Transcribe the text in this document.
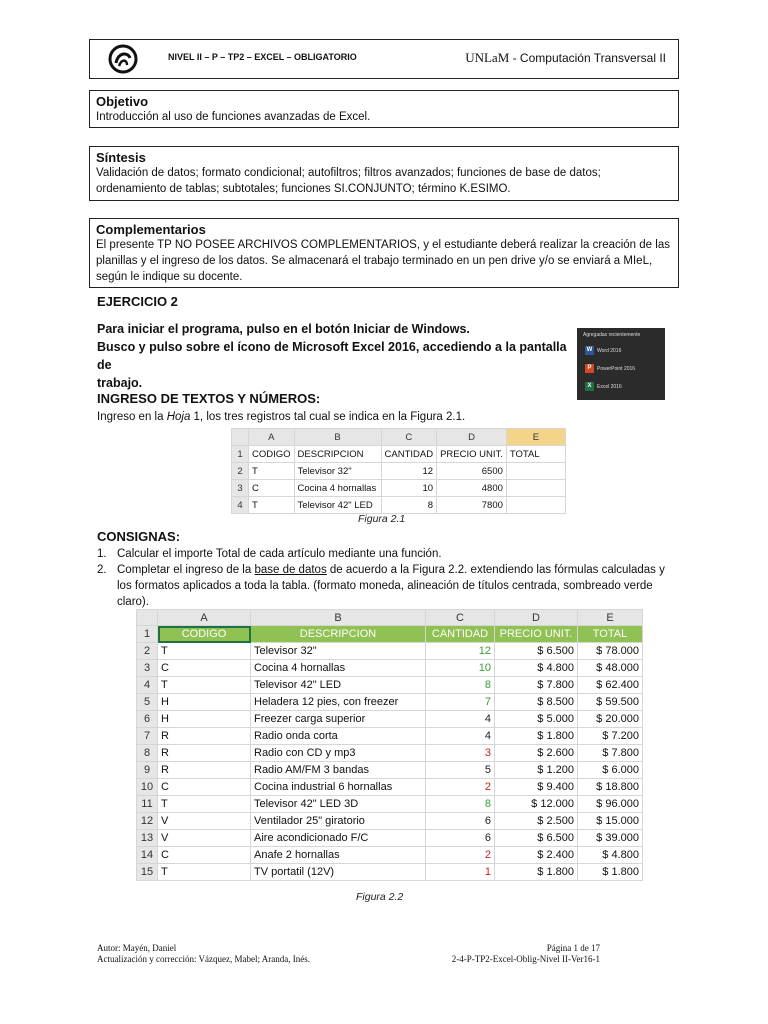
NIVEL II – P – TP2 – EXCEL – OBLIGATORIO	UNLaM - Computación Transversal II
Objetivo

Introducción al uso de funciones avanzadas de Excel.

Síntesis

Validación de datos; formato condicional; autofiltros; filtros avanzados; funciones de base de datos;

ordenamiento de tablas; subtotales; funciones SI.CONJUNTO; término K.ESIMO.

Complementarios

El presente TP NO POSEE ARCHIVOS COMPLEMENTARIOS, y el estudiante deberá realizar la creación de las

planillas y el ingreso de los datos. Se almacenará el trabajo terminado en un pen drive y/o se enviará a MIeL,

según le indique su docente.

EJERCICIO 2

Para iniciar el programa, pulso en el botón Iniciar de Windows.

Busco y pulso sobre el ícono de Microsoft Excel 2016, accediendo a la pantalla de

trabajo.

Agregadas recientemente
W Word 2016
P	PowerPoint 2016
X	Excel 2016
INGRESO DE TEXTOS Y NÚMEROS:
Ingreso en la Hoja 1, los tres registros tal cual se indica en la Figura 2.1.
	A	B	C	D	E
1	CODIGO	DESCRIPCION	CANTIDAD	PRECIO UNIT.	TOTAL
2	T	Televisor 32"	12	6500	
3	C	Cocina 4 hornallas	10	4800	
4	T	Televisor 42" LED	8	7800	
Figura 2.1
CONSIGNAS:
1. Calcular el importe Total de cada artículo mediante una función.
2. Completar el ingreso de la base de datos de acuerdo a la Figura 2.2. extendiendo las fórmulas calculadas y los formatos aplicados a toda la tabla. (formato moneda, alineación de títulos centrada, sombreado verde claro).
	A	B	C	D	E
1	CODIGO	DESCRIPCION	CANTIDAD	PRECIO UNIT.	TOTAL
2	T	Televisor 32"	12	$ 6.500	$ 78.000
3	C	Cocina 4 hornallas	10	$ 4.800	$ 48.000
4	T	Televisor 42" LED	8	$ 7.800	$ 62.400
5	H	Heladera 12 pies, con freezer	7	$ 8.500	$ 59.500
6	H	Freezer carga superior	4	$ 5.000	$ 20.000
7	R	Radio onda corta	4	$ 1.800	$ 7.200
8	R	Radio con CD y mp3	3	$ 2.600	$ 7.800
9	R	Radio AM/FM 3 bandas	5	$ 1.200	$ 6.000
10	C	Cocina industrial 6 hornallas	2	$ 9.400	$ 18.800
11	T	Televisor 42" LED 3D	8	$ 12.000	$ 96.000
12	V	Ventilador 25" giratorio	6	$ 2.500	$ 15.000
13	V	Aire acondicionado F/C	6	$ 6.500	$ 39.000
14	C	Anafe 2 hornallas	2	$ 2.400	$ 4.800
15	T	TV portatil (12V)	1	$ 1.800	$ 1.800
Figura 2.2
Autor: Mayén, Daniel
Actualización y corrección: Vázquez, Mabel; Aranda, Inés.
Página 1 de 17
2-4-P-TP2-Excel-Oblig-Nivel II-Ver16-1
